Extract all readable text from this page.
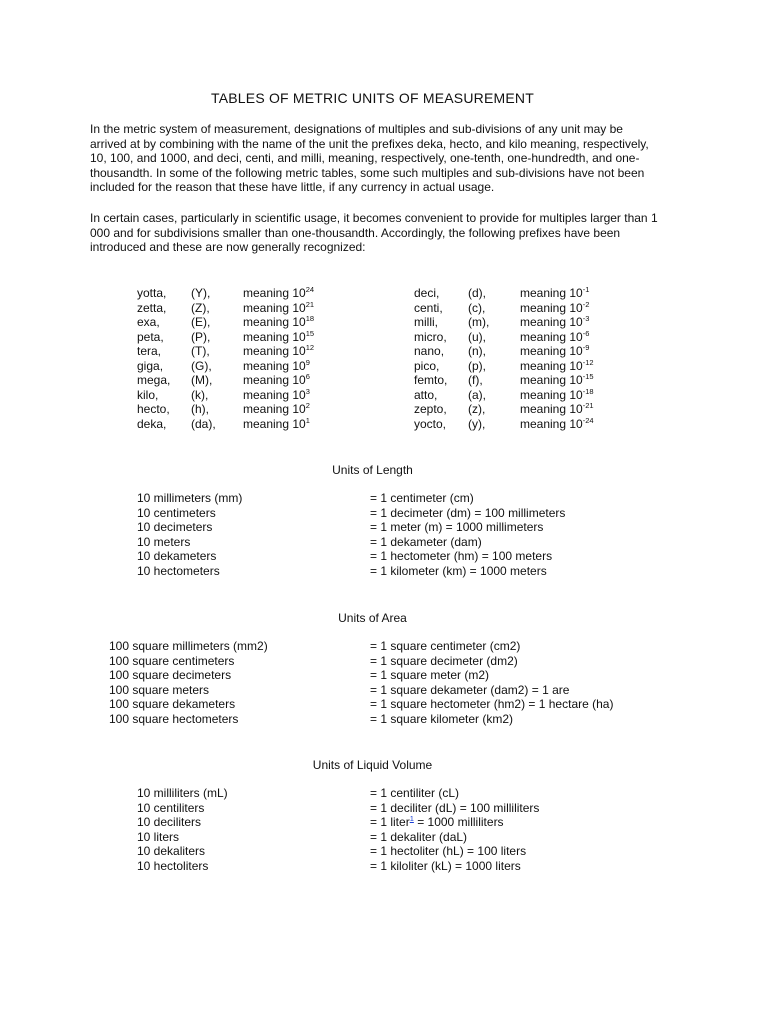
TABLES OF METRIC UNITS OF MEASUREMENT

In the metric system of measurement, designations of multiples and sub-divisions of any unit may be arrived at by combining with the name of the unit the prefixes deka, hecto, and kilo meaning, respectively, 10, 100, and 1000, and deci, centi, and milli, meaning, respectively, one-tenth, one-hundredth, and one-thousandth. In some of the following metric tables, some such multiples and sub-divisions have not been included for the reason that these have little, if any currency in actual usage.

In certain cases, particularly in scientific usage, it becomes convenient to provide for multiples larger than 1 000 and for subdivisions smaller than one-thousandth. Accordingly, the following prefixes have been introduced and these are now generally recognized:

yotta, (Y),	meaning $10^{24}$
zetta, (Z),	meaning $10^{21}$
exa,	(E),	meaning $10^{18}$
peta, (P),	meaning $10^{15}$
tera, (T),	meaning $10^{12}$
giga, (G),	meaning $10^9$
mega, (M),	meaning $10^6$
kilo,	(k),	meaning $10^3$
hecto, (h),	meaning $10^2$
deka, (da), meaning $10^1$
deci, (d),	meaning $10^{-1}$
centi, (c),	meaning $10^{-2}$
milli,	(m),	meaning $10^{-3}$
micro, (u),	meaning $10^{-6}$
nano, (n),	meaning $10^{-9}$
pico, (p),	meaning $10^{-12}$
femto, (f),	meaning $10^{-15}$
atto,	(a),	meaning $10^{-18}$
zepto, (z),	meaning $10^{-21}$
yocto, (y),	meaning $10^{-24}$
Units of Length
10 millimeters (mm)	= 1 centimeter (cm)
10 centimeters	= 1 decimeter (dm) = 100 millimeters
10 decimeters	= 1 meter (m) = 1000 millimeters
10 meters	= 1 dekameter (dam)
10 dekameters	= 1 hectometer (hm) = 100 meters
10 hectometers	= 1 kilometer (km) = 1000 meters
Units of Area
100 square millimeters (mm2)	= 1 square centimeter (cm2)
100 square centimeters	= 1 square decimeter (dm2)
100 square decimeters	= 1 square meter (m2)
100 square meters	= 1 square dekameter (dam2) = 1 are
100 square dekameters	= 1 square hectometer (hm2) = 1 hectare (ha)
100 square hectometers	= 1 square kilometer (km2)
Units of Liquid Volume
10 milliliters (mL)	= 1 centiliter (cL)
10 centiliters	= 1 deciliter (dL) = 100 milliliters
10 deciliters	= 1 liter$^1$ = 1000 milliliters
10 liters	= 1 dekaliter (daL)
10 dekaliters	= 1 hectoliter (hL) = 100 liters
10 hectoliters	= 1 kiloliter (kL) = 1000 liters
